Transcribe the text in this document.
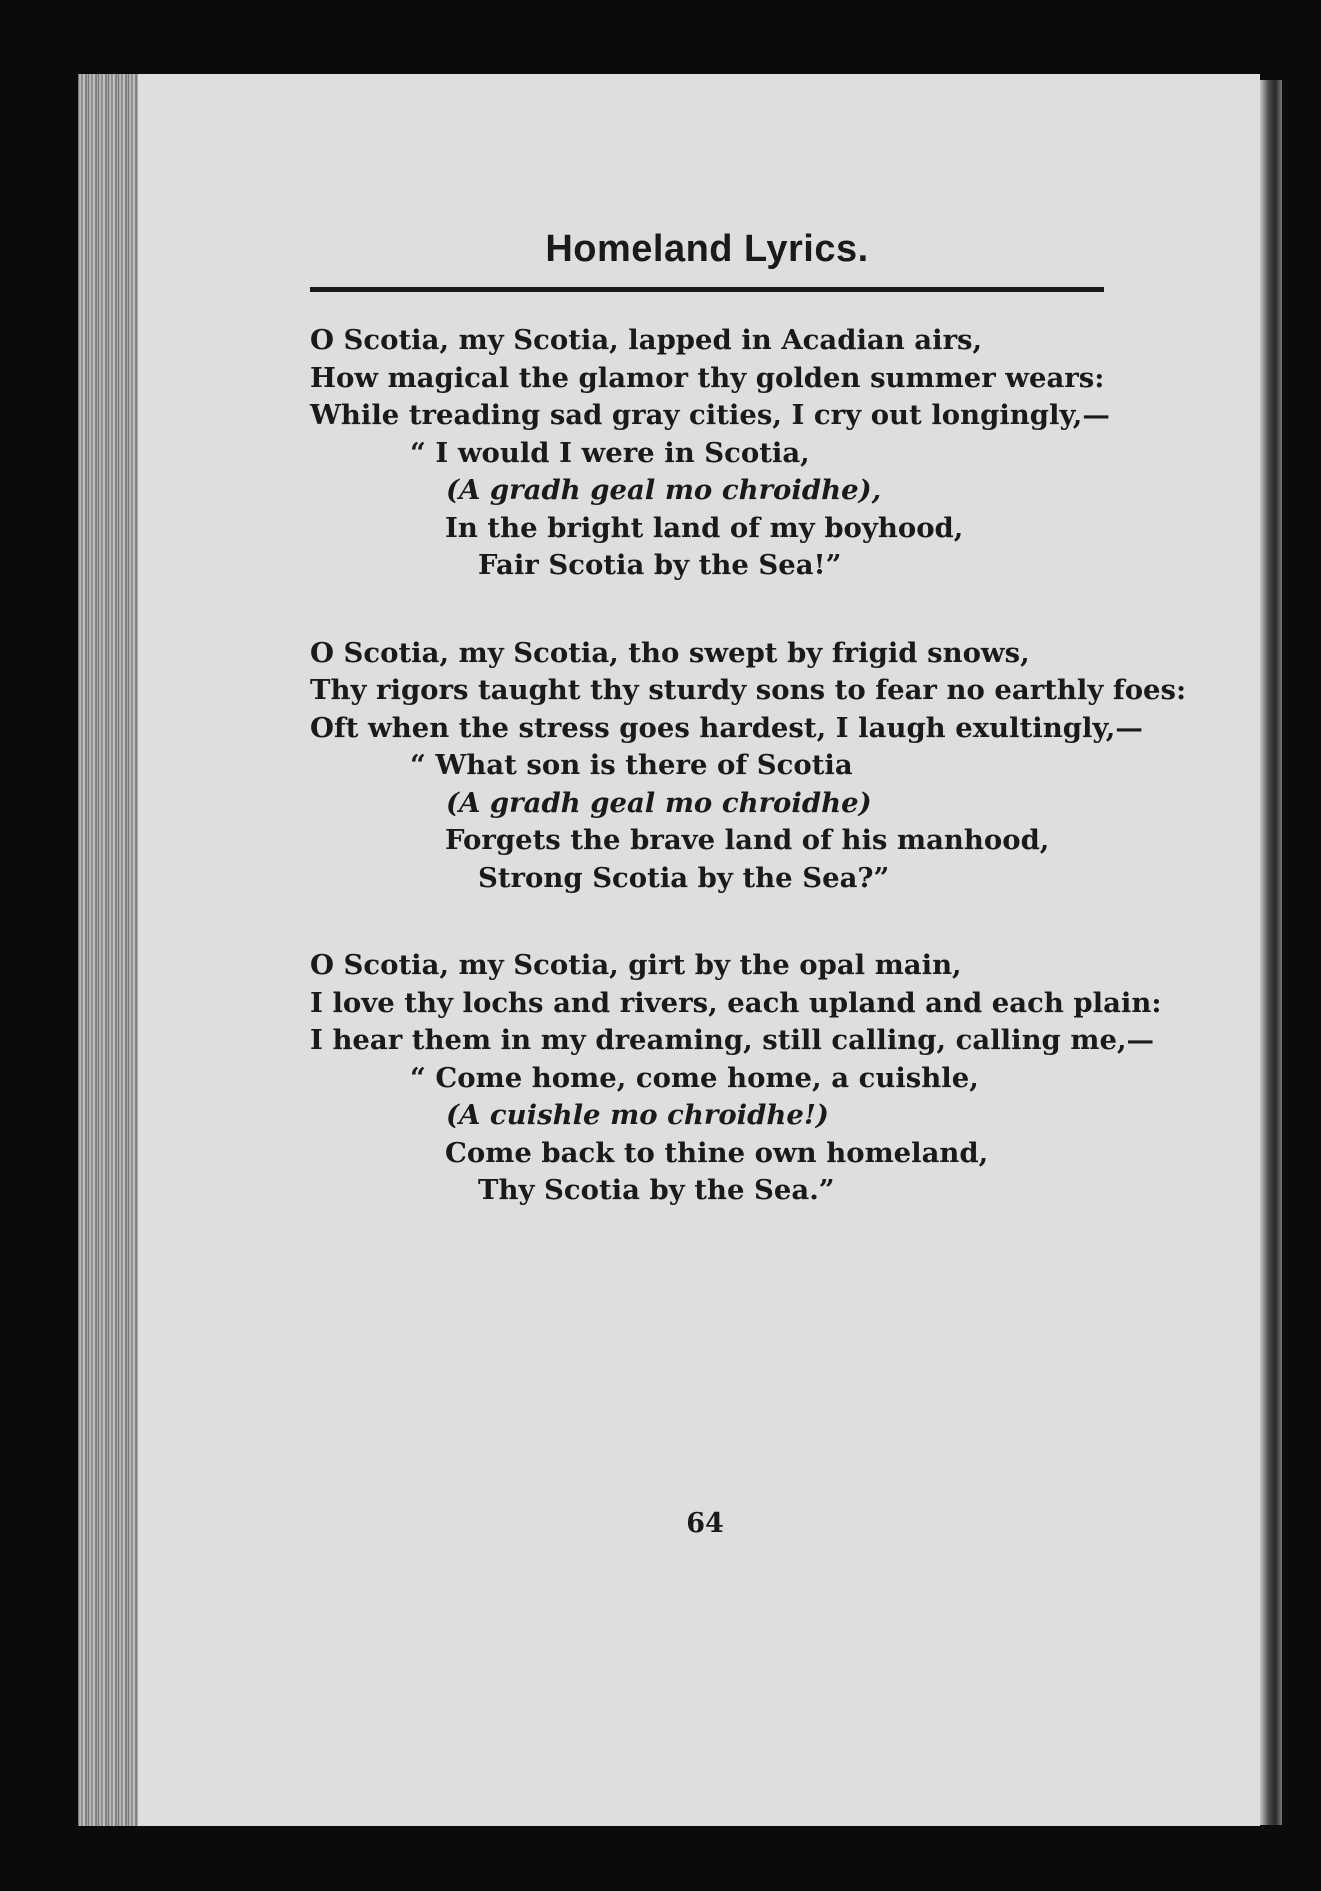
Homeland Lyrics.
O Scotia, my Scotia, lapped in Acadian airs,
How magical the glamor thy golden summer wears:
While treading sad gray cities, I cry out longingly,—
“ I would I were in Scotia,
(A gradh geal mo chroidhe),
In the bright land of my boyhood,
Fair Scotia by the Sea!”
O Scotia, my Scotia, tho swept by frigid snows,
Thy rigors taught thy sturdy sons to fear no earthly foes:
Oft when the stress goes hardest, I laugh exultingly,—
“ What son is there of Scotia
(A gradh geal mo chroidhe)
Forgets the brave land of his manhood,
Strong Scotia by the Sea?”
O Scotia, my Scotia, girt by the opal main,
I love thy lochs and rivers, each upland and each plain:
I hear them in my dreaming, still calling, calling me,—
“ Come home, come home, a cuishle,
(A cuishle mo chroidhe!)
Come back to thine own homeland,
Thy Scotia by the Sea.”
64
